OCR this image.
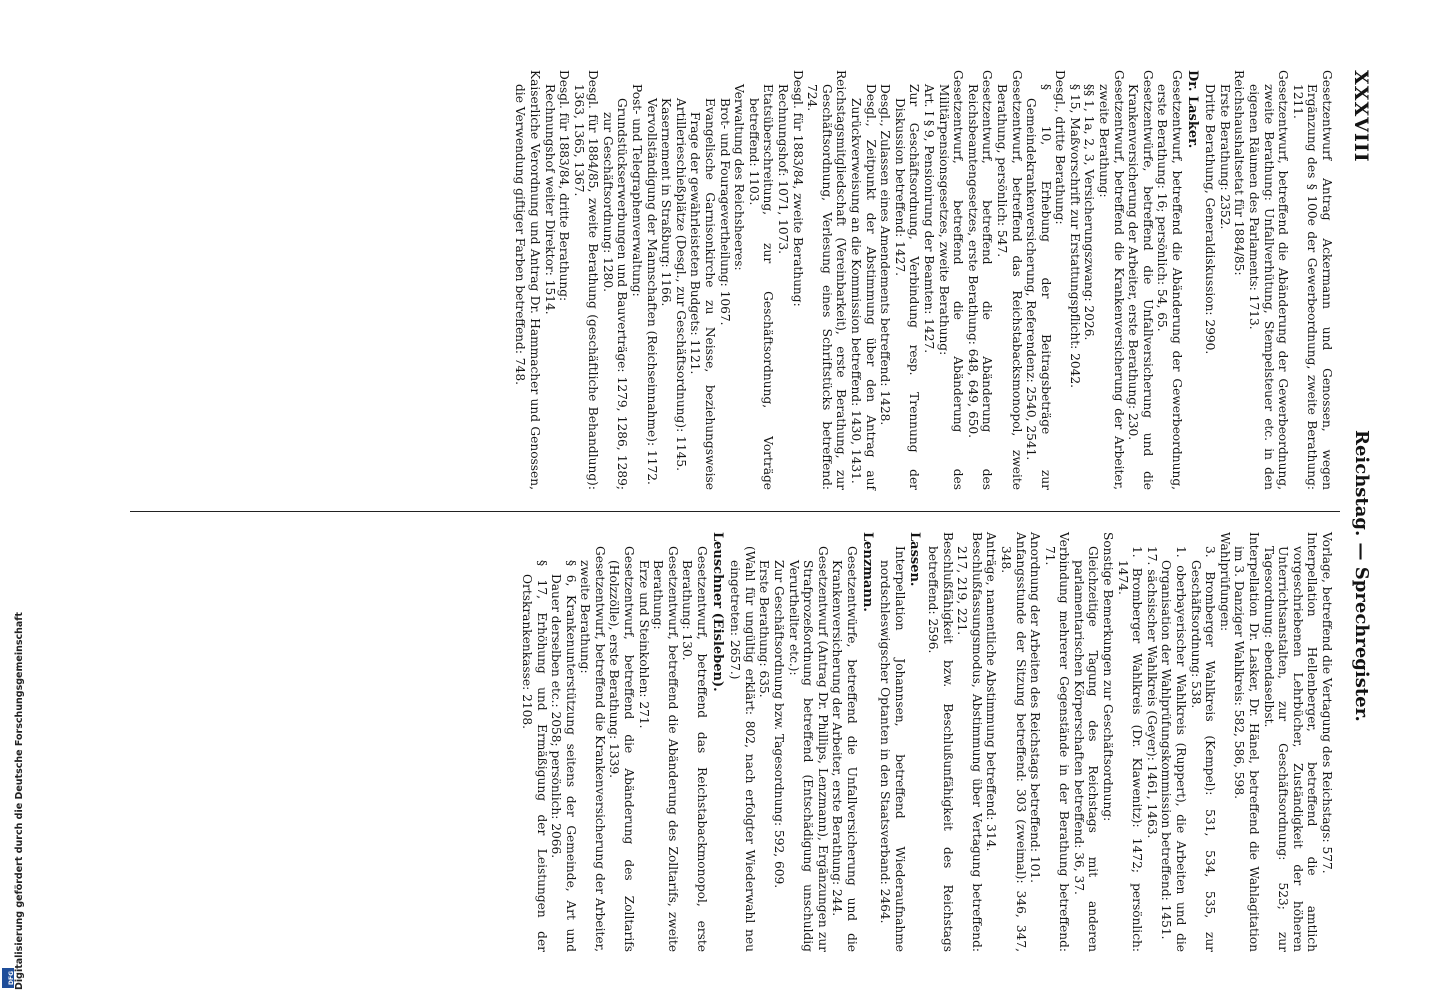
XXXVIII
Reichstag. — Sprechregister.

Gesetzentwurf Antrag Ackermann und Genossen, wegen Ergänzung des § 100e der Gewerbeordnung, zweite Berathung: 1211.

Gesetzentwurf, betreffend die Abänderung der Gewerbeordnung, zweite Berathung: Unfallverhütung, Stempelsteuer etc. in den eigenen Räumen des Parlaments: 1713.

Reichshaushaltsetat für 1884/85:

Erste Berathung: 2352.

Dritte Berathung, Generaldiskussion: 2990.

Dr. Lasker.

Gesetzentwurf, betreffend die Abänderung der Gewerbeordnung, erste Berathung: 16; persönlich: 54, 65.

Gesetzentwürfe, betreffend die Unfallversicherung und die Krankenversicherung der Arbeiter, erste Berathung: 230.

Gesetzentwurf, betreffend die Krankenversicherung der Arbeiter, zweite Berathung:

§§ 1, 1a, 2, 3, Versicherungszwang: 2026.

§ 15, Maßvorschrift zur Erstattungspflicht: 2042.

Desgl., dritte Berathung:

§ 10, Erhebung der Beitragsbeträge zur Gemeindekrankenversicherung, Referendenz: 2540, 2541.

Gesetzentwurf, betreffend das Reichstabacksmonopol, zweite Berathung, persönlich: 547.

Gesetzentwurf, betreffend die Abänderung des Reichsbeamtengesetzes, erste Berathung: 648, 649, 650.

Gesetzentwurf, betreffend die Abänderung des Militärpensionsgesetzes, zweite Berathung:

Art. I § 9, Pensionirung der Beamten: 1427.

Zur Geschäftsordnung, Verbindung resp. Trennung der Diskussion betreffend: 1427.

Desgl., Zulassen eines Amendements betreffend: 1428.

Desgl., Zeitpunkt der Abstimmung über den Antrag auf Zurückverweisung an die Kommission betreffend: 1430, 1431.

Reichstagsmitgliedschaft (Vereinbarkeit), erste Berathung, zur Geschäftsordnung, Verlesung eines Schriftstücks betreffend: 724.

Desgl. für 1883/84, zweite Berathung:

Rechnungshof: 1071, 1073.

Etatsüberschreitung, zur Geschäftsordnung, Vorträge betreffend: 1103.

Verwaltung des Reichsheeres:

Brot- und Fouragevertheilung: 1067.

Evangelische Garnisonkirche zu Neisse, beziehungsweise Frage der gewährleisteten Budgets: 1121.

Artillerieschießplätze (Desgl., zur Geschäftsordnung): 1145.

Kasernement in Straßburg: 1166.

Vervollständigung der Mannschaften (Reichseinnahme): 1172.

Post- und Telegraphenverwaltung:

Grundstückserwerbungen und Bauverträge: 1279, 1286, 1289; zur Geschäftsordnung: 1280.

Desgl. für 1884/85, zweite Berathung (geschäftliche Behandlung): 1363, 1365, 1367.

Desgl. für 1883/84, dritte Berathung:

Rechnungshof weiter Direktor: 1514.

Kaiserliche Verordnung und Antrag Dr. Hammacher und Genossen, die Verwendung giftiger Farben betreffend: 748.

Vorlage, betreffend die Vertagung des Reichstags: 577.

Interpellation Hellenberger, betreffend die amtlich vorgeschriebenen Lehrbücher, Zuständigkeit der höheren Unterrichtsanstalten, zur Geschäftsordnung: 523; zur Tagesordnung: ebendaselbst.

Interpellation Dr. Lasker, Dr. Hänel, betreffend die Wahlagitation im 3. Danziger Wahlkreis: 582, 586, 598.

Wahlprüfungen:

3. Bromberger Wahlkreis (Kempel): 531, 534, 535, zur Geschäftsordnung: 538.

1. oberbayerischer Wahlkreis (Ruppert), die Arbeiten und die Organisation der Wahlprüfungskommission betreffend: 1451.

17. sächsischer Wahlkreis (Geyer): 1461, 1463.

1. Bromberger Wahlkreis (Dr. Klawenitz): 1472; persönlich: 1474.

Sonstige Bemerkungen zur Geschäftsordnung:

Gleichzeitige Tagung des Reichstags mit anderen parlamentarischen Körperschaften betreffend: 36, 37.

Verbindung mehrerer Gegenstände in der Berathung betreffend: 71.

Anordnung der Arbeiten des Reichstags betreffend: 101.

Anfangsstunde der Sitzung betreffend: 303 (zweimal): 346, 347, 348.

Anträge, namentliche Abstimmung betreffend: 314.

Beschlußfassungsmodus, Abstimmung über Vertagung betreffend: 217, 219, 221.

Beschlußfähigkeit bzw. Beschlußunfähigkeit des Reichstags betreffend: 2596.

Lassen.

Interpellation Johannsen, betreffend Wiederaufnahme nordschleswigscher Optanten in den Staatsverband: 2464.

Lenzmann.

Gesetzentwürfe, betreffend die Unfallversicherung und die Krankenversicherung der Arbeiter, erste Berathung: 244.

Gesetzentwurf (Antrag Dr. Phillips, Lenzmann), Ergänzungen zur Strafprozeßordnung betreffend (Entschädigung unschuldig Verurtheilter etc.):

Zur Geschäftsordnung bzw. Tagesordnung: 592, 609.

Erste Berathung: 635.

(Wahl für ungültig erklärt: 802, nach erfolgter Wiederwahl neu eingetreten: 2657.)

Leuschner (Eisleben).

Gesetzentwurf, betreffend das Reichstabackmonopol, erste Berathung: 130.

Gesetzentwurf, betreffend die Abänderung des Zolltarifs, zweite Berathung:

Erze und Steinkohlen: 271.

Gesetzentwurf, betreffend die Abänderung des Zolltarifs (Holzzölle), erste Berathung: 1339.

Gesetzentwurf, betreffend die Krankenversicherung der Arbeiter, zweite Berathung:

§ 6, Krankenunterstützung seitens der Gemeinde, Art und Dauer derselben etc.: 2058; persönlich: 2066.

§ 17, Erhöhung und Ermäßigung der Leistungen der Ortskrankenkasse: 2108.

Digitalisierung gefördert durch die Deutsche Forschungsgemeinschaft
DFG
